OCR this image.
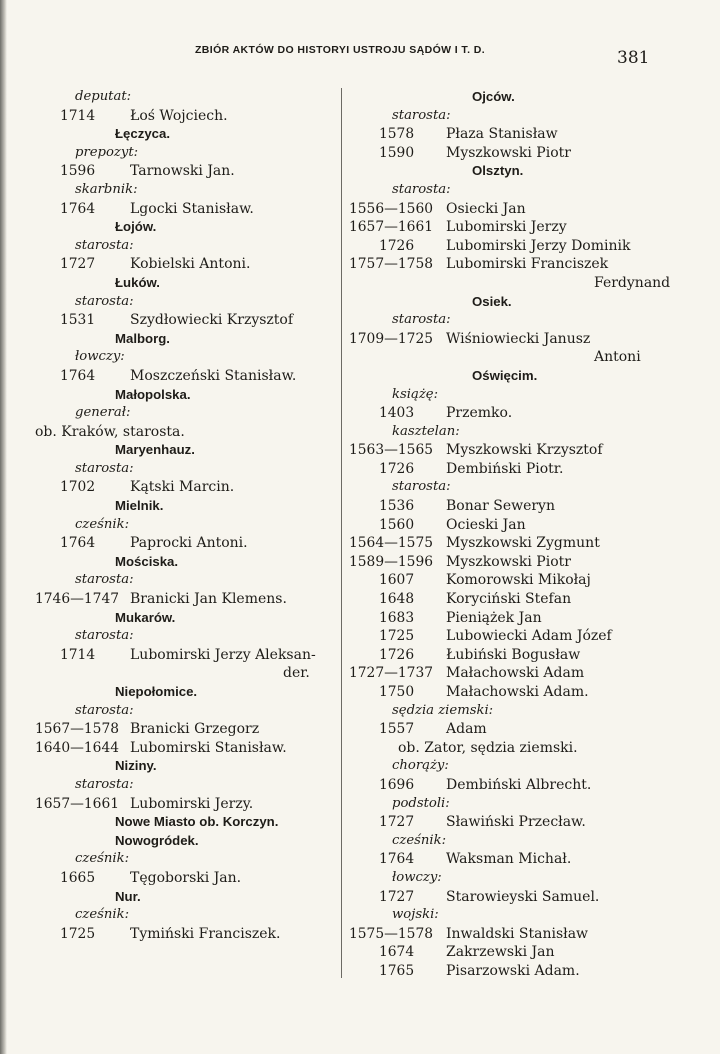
ZBIÓR AKTÓW DO HISTORYI USTROJU SĄDÓW I T. D.	381
deputat:
1714 Łoś Wojciech.
Łęczyca.
prepozyt:
1596 Tarnowski Jan.
skarbnik:
1764 Lgocki Stanisław.
Łojów.
starosta:
1727 Kobielski Antoni.
Łuków.
starosta:
1531 Szydłowiecki Krzysztof
Malborg.
łowczy:
1764 Moszczeński Stanisław.
Małopolska.
generał:
ob. Kraków, starosta.
Maryenhauz.
starosta:
1702 Kątski Marcin.
Mielnik.
cześnik:
1764 Paprocki Antoni.
Mościska.
starosta:
1746—1747 Branicki Jan Klemens.
Mukarów.
starosta:
1714 Lubomirski Jerzy Aleksan-
der.
Niepołomice.
starosta:
1567—1578 Branicki Grzegorz
1640—1644 Lubomirski Stanisław.
Niziny.
starosta:
1657—1661 Lubomirski Jerzy.
Nowe Miasto ob. Korczyn.
Nowogródek.
cześnik:
1665 Tęgoborski Jan.
Nur.
cześnik:
1725 Tymiński Franciszek.
Ojców.
starosta:
1578 Płaza Stanisław
1590 Myszkowski Piotr
Olsztyn.
starosta:
1556—1560 Osiecki Jan
1657—1661 Lubomirski Jerzy
1726 Lubomirski Jerzy Dominik
1757—1758 Lubomirski Franciszek
Ferdynand
Osiek.
starosta:
1709—1725 Wiśniowiecki Janusz
Antoni
Oświęcim.
książę:
1403 Przemko.
kasztelan:
1563—1565 Myszkowski Krzysztof
1726 Dembiński Piotr.
starosta:
1536 Bonar Seweryn
1560 Ocieski Jan
1564—1575 Myszkowski Zygmunt
1589—1596 Myszkowski Piotr
1607 Komorowski Mikołaj
1648 Koryciński Stefan
1683 Pieniążek Jan
1725 Lubowiecki Adam Józef
1726 Łubiński Bogusław
1727—1737 Małachowski Adam
1750 Małachowski Adam.
sędzia ziemski:
1557 Adam
ob. Zator, sędzia ziemski.
chorąży:
1696 Dembiński Albrecht.
podstoli:
1727 Sławiński Przecław.
cześnik:
1764 Waksman Michał.
łowczy:
1727 Starowieyski Samuel.
wojski:
1575—1578 Inwaldski Stanisław
1674 Zakrzewski Jan
1765 Pisarzowski Adam.
